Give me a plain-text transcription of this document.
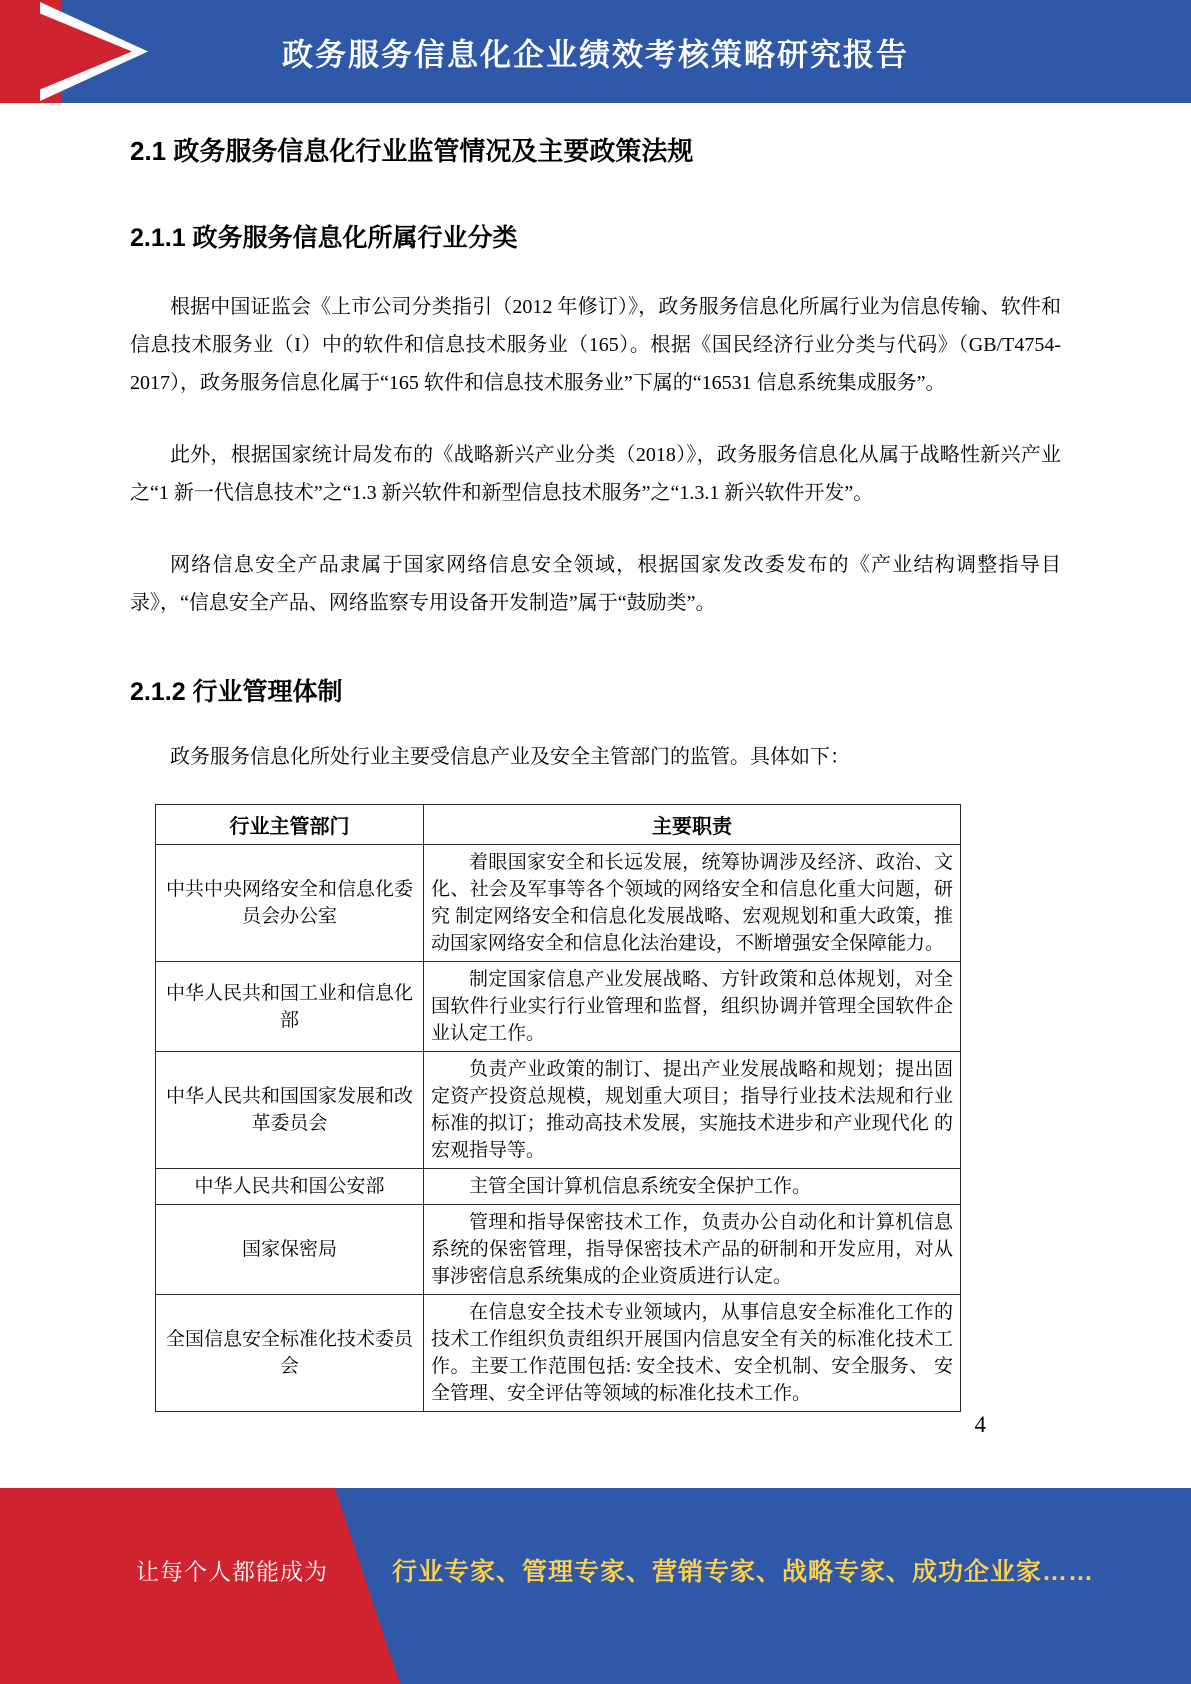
政务服务信息化企业绩效考核策略研究报告
2.1 政务服务信息化行业监管情况及主要政策法规
2.1.1 政务服务信息化所属行业分类

根据中国证监会《上市公司分类指引（2012 年修订）》，政务服务信息化所属行业为信息传输、软件和信息技术服务业（I）中的软件和信息技术服务业（165）。根据《国民经济行业分类与代码》（GB/T4754-2017），政务服务信息化属于“165 软件和信息技术服务业”下属的“16531 信息系统集成服务”。

此外，根据国家统计局发布的《战略新兴产业分类（2018）》，政务服务信息化从属于战略性新兴产业之“1 新一代信息技术”之“1.3 新兴软件和新型信息技术服务”之“1.3.1 新兴软件开发”。

网络信息安全产品隶属于国家网络信息安全领域，根据国家发改委发布的《产业结构调整指导目录》，“信息安全产品、网络监察专用设备开发制造”属于“鼓励类”。

2.1.2 行业管理体制

政务服务信息化所处行业主要受信息产业及安全主管部门的监管。具体如下：

行业主管部门	主要职责
中共中央网络安全和信息化委员会办公室	着眼国家安全和长远发展，统筹协调涉及经济、政治、文化、社会及军事等各个领域的网络安全和信息化重大问题，研究 制定网络安全和信息化发展战略、宏观规划和重大政策，推 动国家网络安全和信息化法治建设，不断增强安全保障能力。
中华人民共和国工业和信息化部	制定国家信息产业发展战略、方针政策和总体规划，对全国软件行业实行行业管理和监督，组织协调并管理全国软件企 业认定工作。
中华人民共和国国家发展和改革委员会	负责产业政策的制订、提出产业发展战略和规划；提出固定资产投资总规模，规划重大项目；指导行业技术法规和行业 标准的拟订；推动高技术发展，实施技术进步和产业现代化 的宏观指导等。
中华人民共和国公安部	主管全国计算机信息系统安全保护工作。
国家保密局	管理和指导保密技术工作，负责办公自动化和计算机信息系统的保密管理，指导保密技术产品的研制和开发应用，对从 事涉密信息系统集成的企业资质进行认定。
全国信息安全标准化技术委员会	在信息安全技术专业领域内，从事信息安全标准化工作的技术工作组织负责组织开展国内信息安全有关的标准化技术工 作。主要工作范围包括: 安全技术、安全机制、安全服务、 安全管理、安全评估等领域的标准化技术工作。
4
让每个人都能成为	行业专家、管理专家、营销专家、战略专家、成功企业家……
